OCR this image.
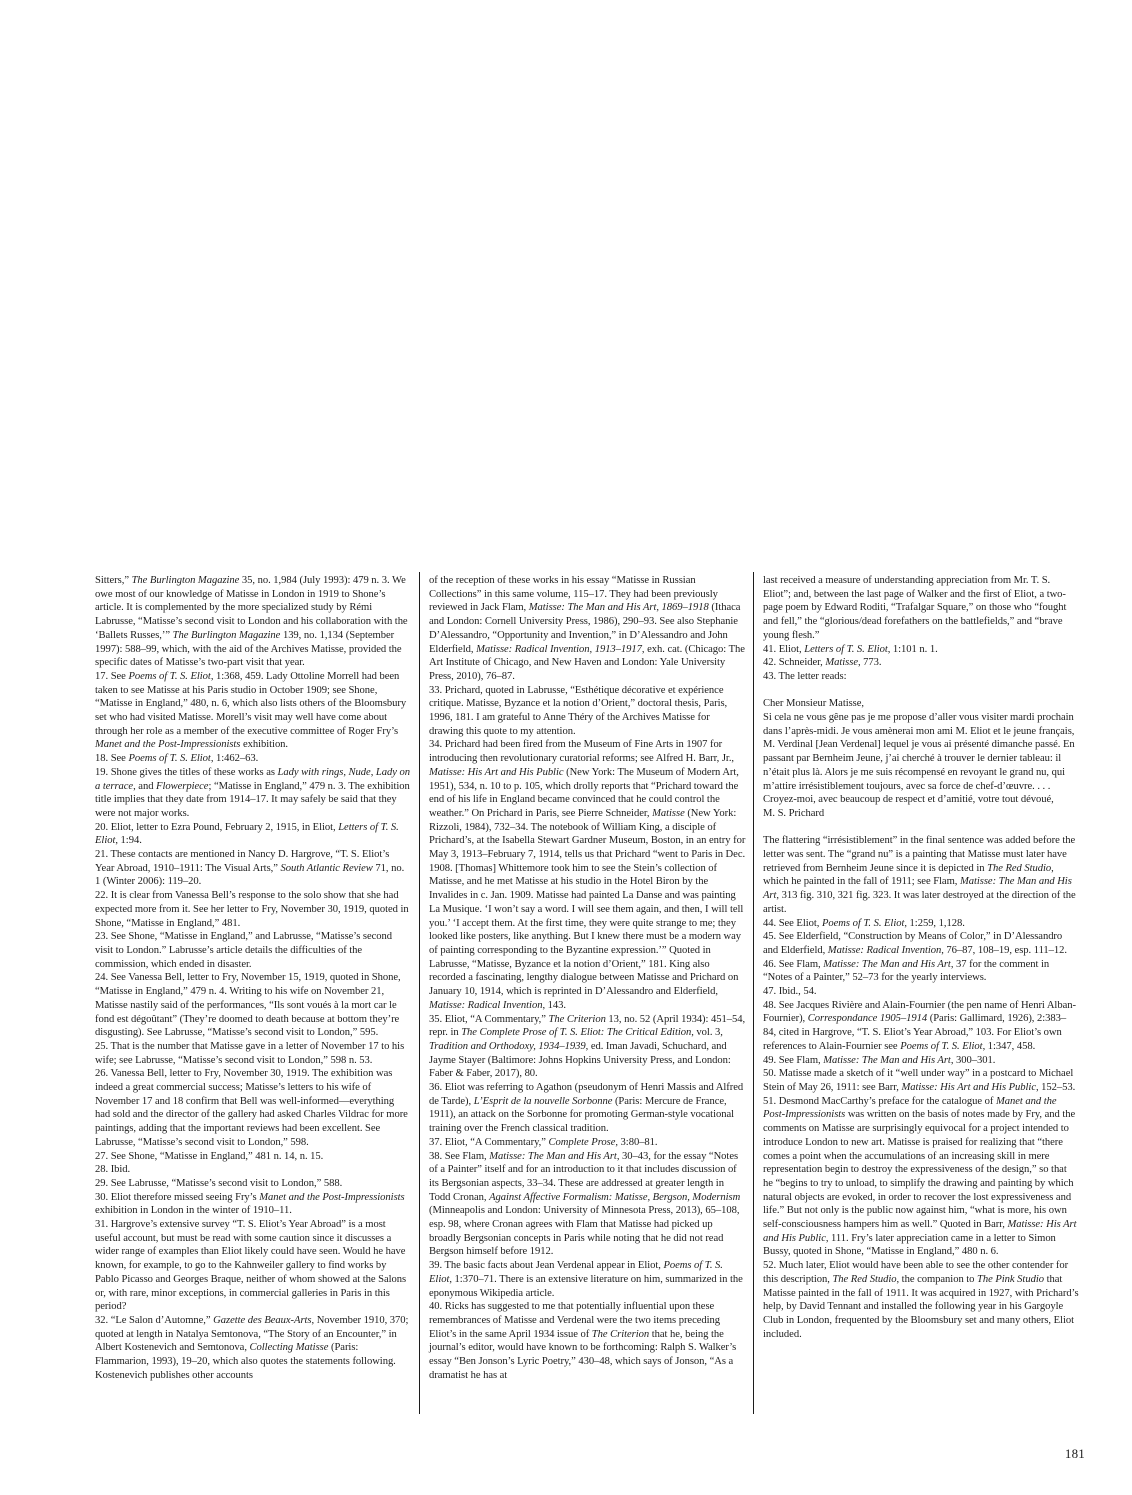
Sitters,” The Burlington Magazine 35, no. 1,984 (July 1993): 479 n. 3. We owe most of our knowledge of Matisse in London in 1919 to Shone’s article. It is complemented by the more specialized study by Rémi Labrusse, “Matisse’s second visit to London and his collaboration with the ‘Ballets Russes,’” The Burlington Magazine 139, no. 1,134 (September 1997): 588–99, which, with the aid of the Archives Matisse, provided the specific dates of Matisse’s two-part visit that year.

17. See Poems of T. S. Eliot, 1:368, 459. Lady Ottoline Morrell had been taken to see Matisse at his Paris studio in October 1909; see Shone, “Matisse in England,” 480, n. 6, which also lists others of the Bloomsbury set who had visited Matisse. Morell’s visit may well have come about through her role as a member of the executive committee of Roger Fry’s Manet and the Post-Impressionists exhibition.

18. See Poems of T. S. Eliot, 1:462–63.

19. Shone gives the titles of these works as Lady with rings, Nude, Lady on a terrace, and Flowerpiece; “Matisse in England,” 479 n. 3. The exhibition title implies that they date from 1914–17. It may safely be said that they were not major works.

20. Eliot, letter to Ezra Pound, February 2, 1915, in Eliot, Letters of T. S. Eliot, 1:94.

21. These contacts are mentioned in Nancy D. Hargrove, “T. S. Eliot’s Year Abroad, 1910–1911: The Visual Arts,” South Atlantic Review 71, no. 1 (Winter 2006): 119–20.

22. It is clear from Vanessa Bell’s response to the solo show that she had expected more from it. See her letter to Fry, November 30, 1919, quoted in Shone, “Matisse in England,” 481.

23. See Shone, “Matisse in England,” and Labrusse, “Matisse’s second visit to London.” Labrusse’s article details the difficulties of the commission, which ended in disaster.

24. See Vanessa Bell, letter to Fry, November 15, 1919, quoted in Shone, “Matisse in England,” 479 n. 4. Writing to his wife on November 21, Matisse nastily said of the performances, “Ils sont voués à la mort car le fond est dégoûtant” (They’re doomed to death because at bottom they’re disgusting). See Labrusse, “Matisse’s second visit to London,” 595.

25. That is the number that Matisse gave in a letter of November 17 to his wife; see Labrusse, “Matisse’s second visit to London,” 598 n. 53.

26. Vanessa Bell, letter to Fry, November 30, 1919. The exhibition was indeed a great commercial success; Matisse’s letters to his wife of November 17 and 18 confirm that Bell was well-informed—everything had sold and the director of the gallery had asked Charles Vildrac for more paintings, adding that the important reviews had been excellent. See Labrusse, “Matisse’s second visit to London,” 598.

27. See Shone, “Matisse in England,” 481 n. 14, n. 15.

28. Ibid.

29. See Labrusse, “Matisse’s second visit to London,” 588.

30. Eliot therefore missed seeing Fry’s Manet and the Post-Impressionists exhibition in London in the winter of 1910–11.

31. Hargrove’s extensive survey “T. S. Eliot’s Year Abroad” is a most useful account, but must be read with some caution since it discusses a wider range of examples than Eliot likely could have seen. Would he have known, for example, to go to the Kahnweiler gallery to find works by Pablo Picasso and Georges Braque, neither of whom showed at the Salons or, with rare, minor exceptions, in commercial galleries in Paris in this period?

32. “Le Salon d’Automne,” Gazette des Beaux-Arts, November 1910, 370; quoted at length in Natalya Semtonova, “The Story of an Encounter,” in Albert Kostenevich and Semtonova, Collecting Matisse (Paris: Flammarion, 1993), 19–20, which also quotes the statements following. Kostenevich publishes other accounts

of the reception of these works in his essay “Matisse in Russian Collections” in this same volume, 115–17. They had been previously reviewed in Jack Flam, Matisse: The Man and His Art, 1869–1918 (Ithaca and London: Cornell University Press, 1986), 290–93. See also Stephanie D’Alessandro, “Opportunity and Invention,” in D’Alessandro and John Elderfield, Matisse: Radical Invention, 1913–1917, exh. cat. (Chicago: The Art Institute of Chicago, and New Haven and London: Yale University Press, 2010), 76–87.

33. Prichard, quoted in Labrusse, “Esthétique décorative et expérience critique. Matisse, Byzance et la notion d’Orient,” doctoral thesis, Paris, 1996, 181. I am grateful to Anne Théry of the Archives Matisse for drawing this quote to my attention.

34. Prichard had been fired from the Museum of Fine Arts in 1907 for introducing then revolutionary curatorial reforms; see Alfred H. Barr, Jr., Matisse: His Art and His Public (New York: The Museum of Modern Art, 1951), 534, n. 10 to p. 105, which drolly reports that “Prichard toward the end of his life in England became convinced that he could control the weather.” On Prichard in Paris, see Pierre Schneider, Matisse (New York: Rizzoli, 1984), 732–34. The notebook of William King, a disciple of Prichard’s, at the Isabella Stewart Gardner Museum, Boston, in an entry for May 3, 1913–February 7, 1914, tells us that Prichard “went to Paris in Dec. 1908. [Thomas] Whittemore took him to see the Stein’s collection of Matisse, and he met Matisse at his studio in the Hotel Biron by the Invalides in c. Jan. 1909. Matisse had painted La Danse and was painting La Musique. ‘I won’t say a word. I will see them again, and then, I will tell you.’ ‘I accept them. At the first time, they were quite strange to me; they looked like posters, like anything. But I knew there must be a modern way of painting corresponding to the Byzantine expression.’” Quoted in Labrusse, “Matisse, Byzance et la notion d’Orient,” 181. King also recorded a fascinating, lengthy dialogue between Matisse and Prichard on January 10, 1914, which is reprinted in D’Alessandro and Elderfield, Matisse: Radical Invention, 143.

35. Eliot, “A Commentary,” The Criterion 13, no. 52 (April 1934): 451–54, repr. in The Complete Prose of T. S. Eliot: The Critical Edition, vol. 3, Tradition and Orthodoxy, 1934–1939, ed. Iman Javadi, Schuchard, and Jayme Stayer (Baltimore: Johns Hopkins University Press, and London: Faber & Faber, 2017), 80.

36. Eliot was referring to Agathon (pseudonym of Henri Massis and Alfred de Tarde), L’Esprit de la nouvelle Sorbonne (Paris: Mercure de France, 1911), an attack on the Sorbonne for promoting German-style vocational training over the French classical tradition.

37. Eliot, “A Commentary,” Complete Prose, 3:80–81.

38. See Flam, Matisse: The Man and His Art, 30–43, for the essay “Notes of a Painter” itself and for an introduction to it that includes discussion of its Bergsonian aspects, 33–34. These are addressed at greater length in Todd Cronan, Against Affective Formalism: Matisse, Bergson, Modernism (Minneapolis and London: University of Minnesota Press, 2013), 65–108, esp. 98, where Cronan agrees with Flam that Matisse had picked up broadly Bergsonian concepts in Paris while noting that he did not read Bergson himself before 1912.

39. The basic facts about Jean Verdenal appear in Eliot, Poems of T. S. Eliot, 1:370–71. There is an extensive literature on him, summarized in the eponymous Wikipedia article.

40. Ricks has suggested to me that potentially influential upon these remembrances of Matisse and Verdenal were the two items preceding Eliot’s in the same April 1934 issue of The Criterion that he, being the journal’s editor, would have known to be forthcoming: Ralph S. Walker’s essay “Ben Jonson’s Lyric Poetry,” 430–48, which says of Jonson, “As a dramatist he has at

last received a measure of understanding appreciation from Mr. T. S. Eliot”; and, between the last page of Walker and the first of Eliot, a two-page poem by Edward Roditi, “Trafalgar Square,” on those who “fought and fell,” the “glorious/dead forefathers on the battlefields,” and “brave young flesh.”

41. Eliot, Letters of T. S. Eliot, 1:101 n. 1.

42. Schneider, Matisse, 773.

43. The letter reads:

Cher Monsieur Matisse,

Si cela ne vous gêne pas je me propose d’aller vous visiter mardi prochain dans l’après-midi. Je vous amènerai mon ami M. Eliot et le jeune français, M. Verdinal [Jean Verdenal] lequel je vous ai présenté dimanche passé. En passant par Bernheim Jeune, j’ai cherché à trouver le dernier tableau: il n’était plus là. Alors je me suis récompensé en revoyant le grand nu, qui m’attire irrésistiblement toujours, avec sa force de chef-d’œuvre. . . . Croyez-moi, avec beaucoup de respect et d’amitié, votre tout dévoué,

M. S. Prichard

The flattering “irrésistiblement” in the final sentence was added before the letter was sent. The “grand nu” is a painting that Matisse must later have retrieved from Bernheim Jeune since it is depicted in The Red Studio, which he painted in the fall of 1911; see Flam, Matisse: The Man and His Art, 313 fig. 310, 321 fig. 323. It was later destroyed at the direction of the artist.

44. See Eliot, Poems of T. S. Eliot, 1:259, 1,128.

45. See Elderfield, “Construction by Means of Color,” in D’Alessandro and Elderfield, Matisse: Radical Invention, 76–87, 108–19, esp. 111–12.

46. See Flam, Matisse: The Man and His Art, 37 for the comment in “Notes of a Painter,” 52–73 for the yearly interviews.

47. Ibid., 54.

48. See Jacques Rivière and Alain-Fournier (the pen name of Henri Alban-Fournier), Correspondance 1905–1914 (Paris: Gallimard, 1926), 2:383–84, cited in Hargrove, “T. S. Eliot’s Year Abroad,” 103. For Eliot’s own references to Alain-Fournier see Poems of T. S. Eliot, 1:347, 458.

49. See Flam, Matisse: The Man and His Art, 300–301.

50. Matisse made a sketch of it “well under way” in a postcard to Michael Stein of May 26, 1911: see Barr, Matisse: His Art and His Public, 152–53.

51. Desmond MacCarthy’s preface for the catalogue of Manet and the Post-Impressionists was written on the basis of notes made by Fry, and the comments on Matisse are surprisingly equivocal for a project intended to introduce London to new art. Matisse is praised for realizing that “there comes a point when the accumulations of an increasing skill in mere representation begin to destroy the expressiveness of the design,” so that he “begins to try to unload, to simplify the drawing and painting by which natural objects are evoked, in order to recover the lost expressiveness and life.” But not only is the public now against him, “what is more, his own self-consciousness hampers him as well.” Quoted in Barr, Matisse: His Art and His Public, 111. Fry’s later appreciation came in a letter to Simon Bussy, quoted in Shone, “Matisse in England,” 480 n. 6.

52. Much later, Eliot would have been able to see the other contender for this description, The Red Studio, the companion to The Pink Studio that Matisse painted in the fall of 1911. It was acquired in 1927, with Prichard’s help, by David Tennant and installed the following year in his Gargoyle Club in London, frequented by the Bloomsbury set and many others, Eliot included.

181
